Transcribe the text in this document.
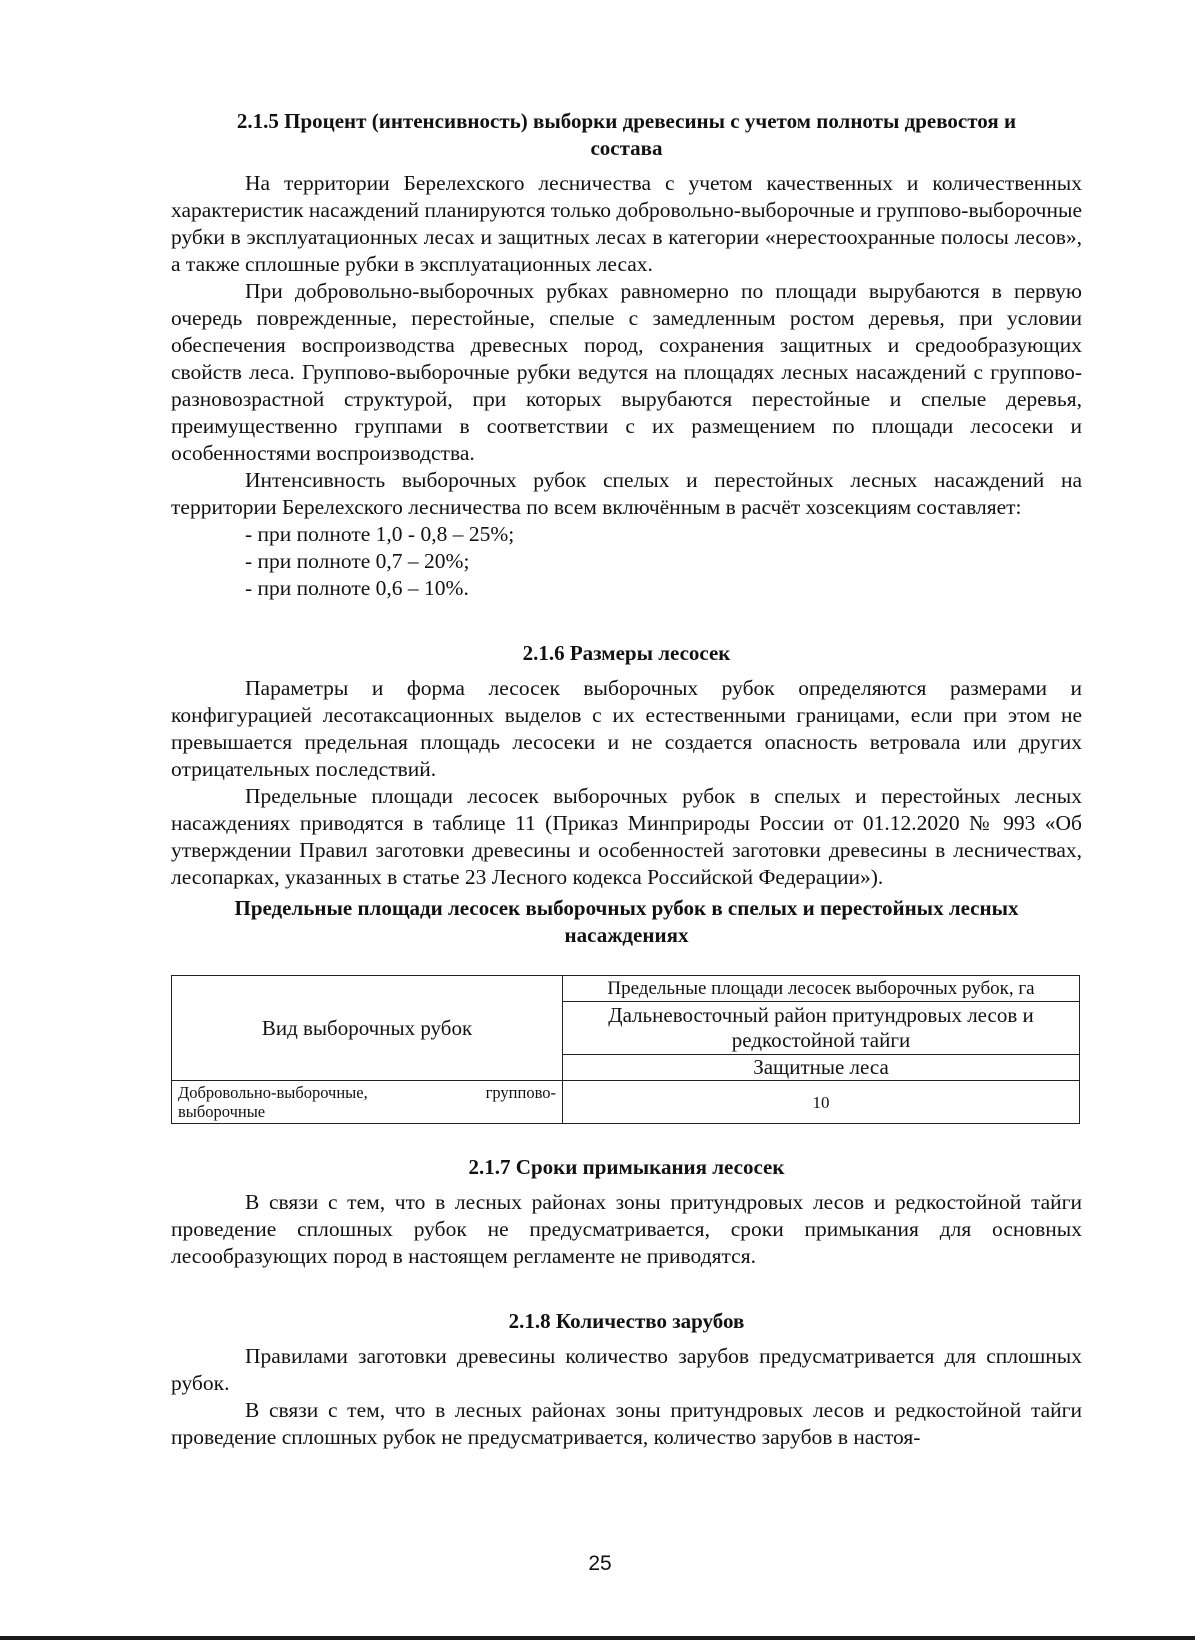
2.1.5 Процент (интенсивность) выборки древесины с учетом полноты древостоя и
состава

На территории Берелехского лесничества с учетом качественных и количественных характеристик насаждений планируются только добровольно-выборочные и группово-выборочные рубки в эксплуатационных лесах и защитных лесах в категории «нерестоохранные полосы лесов», а также сплошные рубки в эксплуатационных лесах.

При добровольно-выборочных рубках равномерно по площади вырубаются в первую очередь поврежденные, перестойные, спелые с замедленным ростом деревья, при условии обеспечения воспроизводства древесных пород, сохранения защитных и средообразующих свойств леса. Группово-выборочные рубки ведутся на площадях лесных насаждений с группово-разновозрастной структурой, при которых вырубаются перестойные и спелые деревья, преимущественно группами в соответствии с их размещением по площади лесосеки и особенностями воспроизводства.

Интенсивность выборочных рубок спелых и перестойных лесных насаждений на территории Берелехского лесничества по всем включённым в расчёт хозсекциям составляет:

- при полноте 1,0 - 0,8 – 25%;
- при полноте 0,7 – 20%;
- при полноте 0,6 – 10%.
2.1.6 Размеры лесосек

Параметры и форма лесосек выборочных рубок определяются размерами и конфигурацией лесотаксационных выделов с их естественными границами, если при этом не превышается предельная площадь лесосеки и не создается опасность ветровала или других отрицательных последствий.

Предельные площади лесосек выборочных рубок в спелых и перестойных лесных насаждениях приводятся в таблице 11 (Приказ Минприроды России от 01.12.2020 № 993 «Об утверждении Правил заготовки древесины и особенностей заготовки древесины в лесничествах, лесопарках, указанных в статье 23 Лесного кодекса Российской Федерации»).

Предельные площади лесосек выборочных рубок в спелых и перестойных лесных
насаждениях
Вид выборочных рубок	Предельные площади лесосек выборочных рубок, га
	Дальневосточный район притундровых лесов и
редкостойной тайги
	Защитные леса

Добровольно-выборочные, группово-
выборочные	10
2.1.7 Сроки примыкания лесосек

В связи с тем, что в лесных районах зоны притундровых лесов и редкостойной тайги проведение сплошных рубок не предусматривается, сроки примыкания для основных лесообразующих пород в настоящем регламенте не приводятся.

2.1.8 Количество зарубов

Правилами заготовки древесины количество зарубов предусматривается для сплошных рубок.

В связи с тем, что в лесных районах зоны притундровых лесов и редкостойной тайги проведение сплошных рубок не предусматривается, количество зарубов в настоя-

25
